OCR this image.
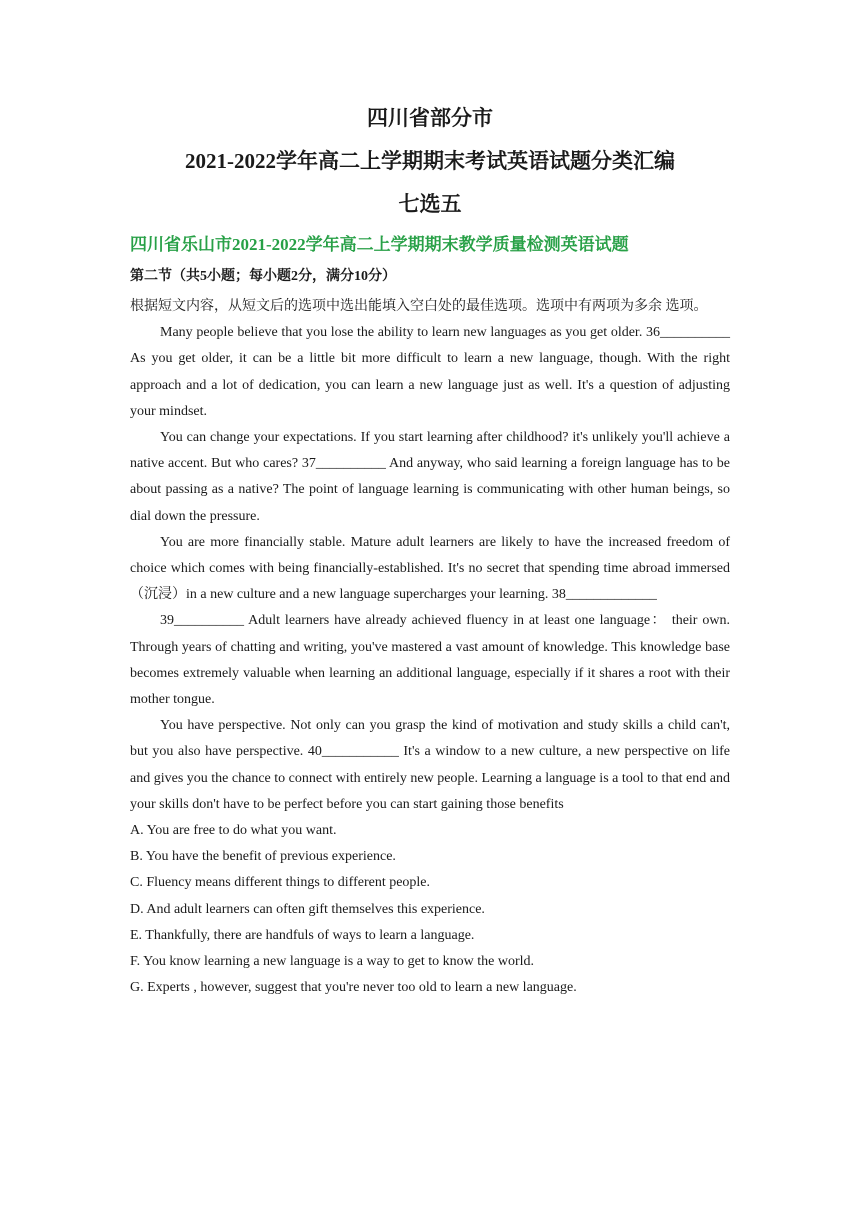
四川省部分市
2021-2022学年高二上学期期末考试英语试题分类汇编
七选五
四川省乐山市2021-2022学年高二上学期期末教学质量检测英语试题
第二节（共5小题；每小题2分，满分10分）

根据短文内容，从短文后的选项中选出能填入空白处的最佳选项。选项中有两项为多余 选项。

Many people believe that you lose the ability to learn new languages as you get older. 36__________ As you get older, it can be a little bit more difficult to learn a new language, though. With the right approach and a lot of dedication, you can learn a new language just as well. It's a question of adjusting your mindset.

You can change your expectations. If you start learning after childhood? it's unlikely you'll achieve a native accent. But who cares? 37__________ And anyway, who said learning a foreign language has to be about passing as a native? The point of language learning is communicating with other human beings, so dial down the pressure.

You are more financially stable. Mature adult learners are likely to have the increased freedom of choice which comes with being financially-established. It's no secret that spending time abroad immersed （沉浸）in a new culture and a new language supercharges your learning. 38_____________

39__________ Adult learners have already achieved fluency in at least one language： their own. Through years of chatting and writing, you've mastered a vast amount of knowledge. This knowledge base becomes extremely valuable when learning an additional language, especially if it shares a root with their mother tongue.

You have perspective. Not only can you grasp the kind of motivation and study skills a child can't, but you also have perspective. 40___________ It's a window to a new culture, a new perspective on life and gives you the chance to connect with entirely new people. Learning a language is a tool to that end and your skills don't have to be perfect before you can start gaining those benefits

A. You are free to do what you want.
B. You have the benefit of previous experience.
C. Fluency means different things to different people.
D. And adult learners can often gift themselves this experience.
E. Thankfully, there are handfuls of ways to learn a language.
F. You know learning a new language is a way to get to know the world.
G. Experts , however, suggest that you're never too old to learn a new language.
